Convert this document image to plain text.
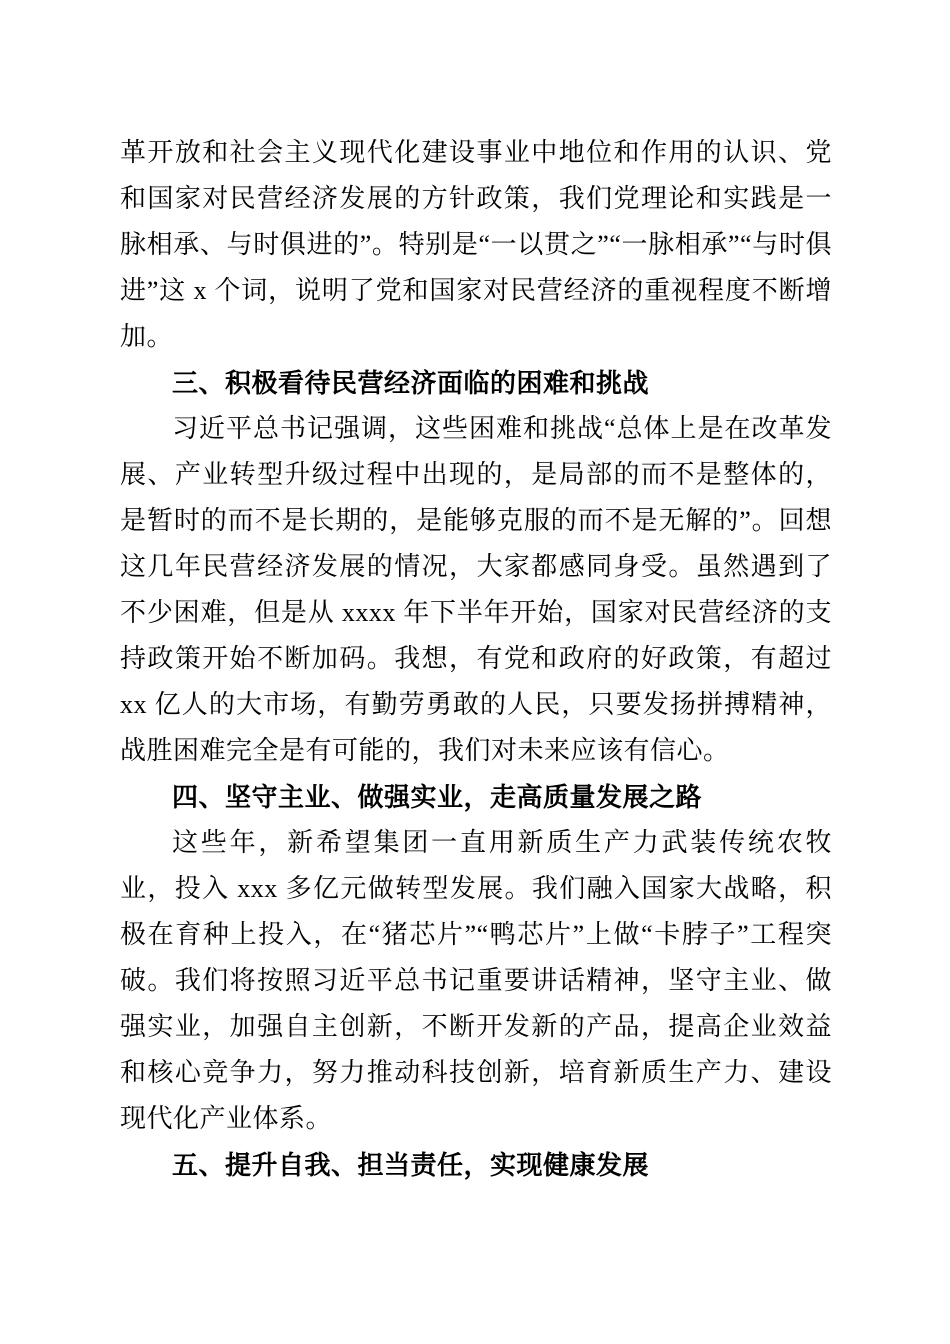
革开放和社会主义现代化建设事业中地位和作用的认识、党和国家对民营经济发展的方针政策，我们党理论和实践是一脉相承、与时俱进的”。特别是“一以贯之”“一脉相承”“与时俱进”这 x 个词，说明了党和国家对民营经济的重视程度不断增加。

三、积极看待民营经济面临的困难和挑战

习近平总书记强调，这些困难和挑战“总体上是在改革发展、产业转型升级过程中出现的，是局部的而不是整体的，是暂时的而不是长期的，是能够克服的而不是无解的”。回想这几年民营经济发展的情况，大家都感同身受。虽然遇到了不少困难，但是从 xxxx 年下半年开始，国家对民营经济的支持政策开始不断加码。我想，有党和政府的好政策，有超过 xx 亿人的大市场，有勤劳勇敢的人民，只要发扬拼搏精神，战胜困难完全是有可能的，我们对未来应该有信心。

四、坚守主业、做强实业，走高质量发展之路

这些年，新希望集团一直用新质生产力武装传统农牧业，投入 xxx 多亿元做转型发展。我们融入国家大战略，积极在育种上投入，在“猪芯片”“鸭芯片”上做“卡脖子”工程突破。我们将按照习近平总书记重要讲话精神，坚守主业、做强实业，加强自主创新，不断开发新的产品，提高企业效益和核心竞争力，努力推动科技创新，培育新质生产力、建设现代化产业体系。

五、提升自我、担当责任，实现健康发展
